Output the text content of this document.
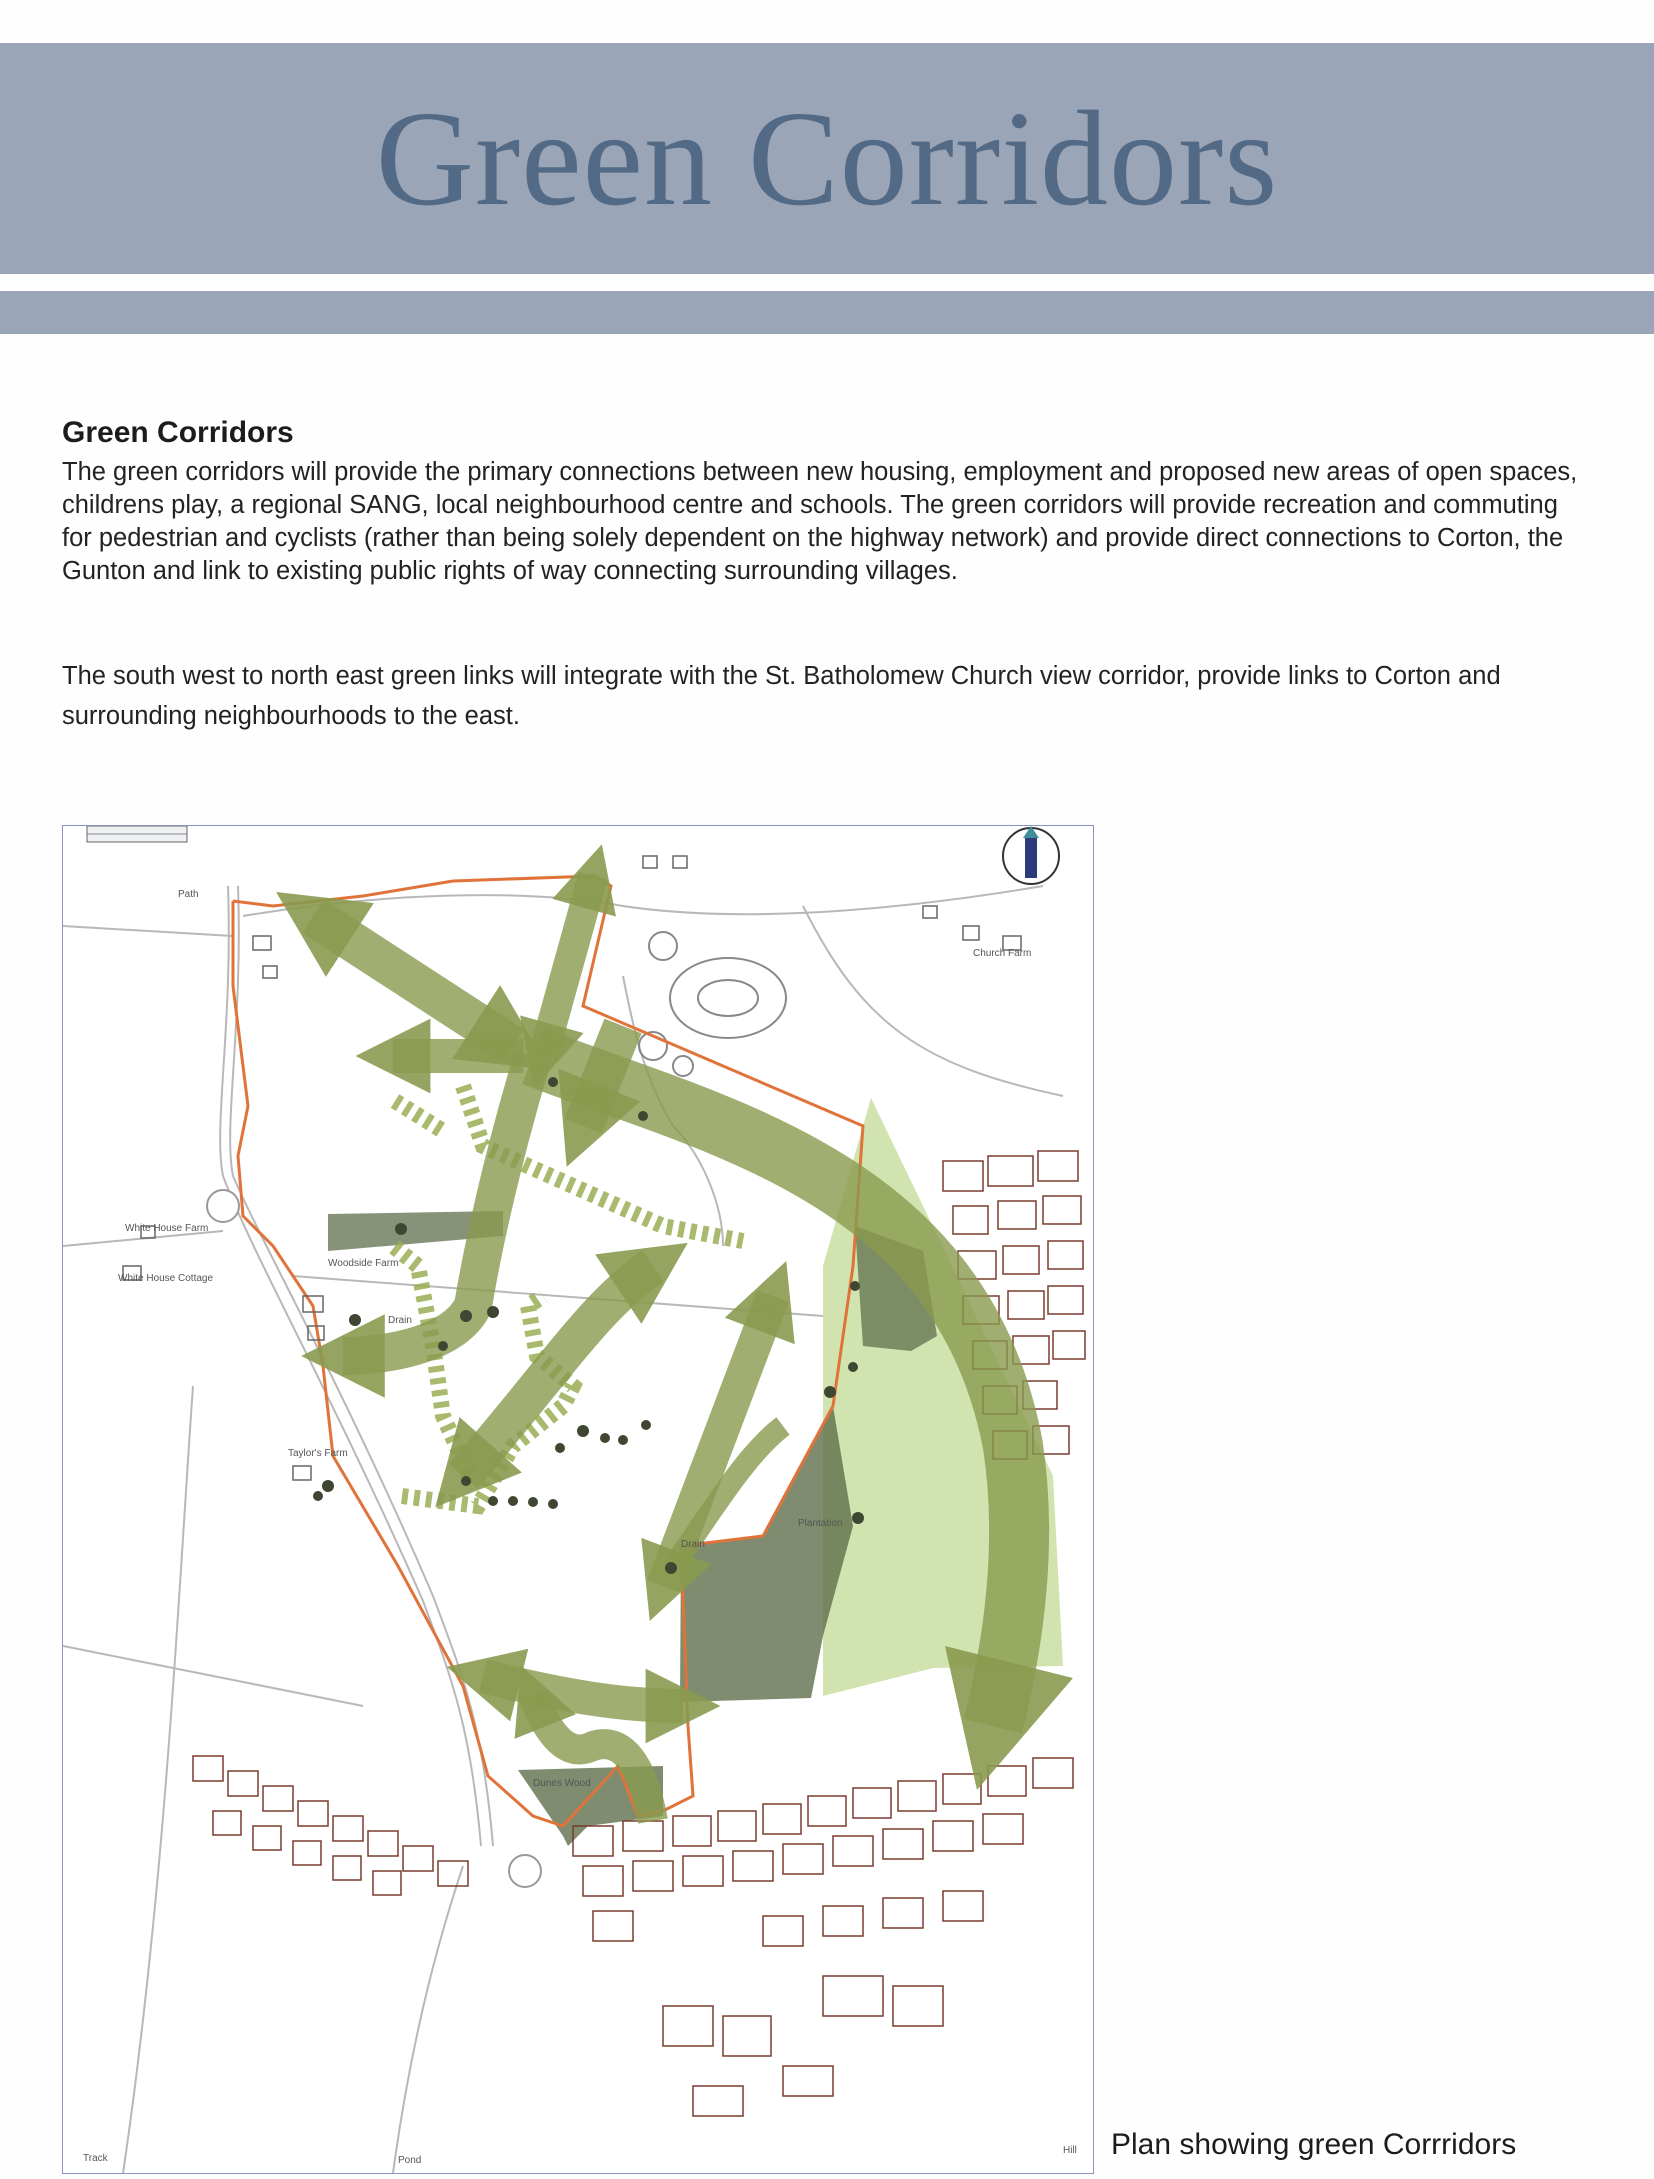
Green Corridors
Green Corridors

The green corridors will provide the primary connections between new housing, employment and proposed new areas of open spaces, childrens play, a regional SANG, local neighbourhood centre and schools. The green corridors will provide recreation and commuting for pedestrian and cyclists (rather than being solely dependent on the highway network) and provide direct connections to Corton, the Gunton and link to existing public rights of way connecting surrounding villages.

The south west to north east green links will integrate with the St. Batholomew Church view corridor, provide links to Corton and surrounding neighbourhoods to the east.

Path
Church Farm
White House Farm
White House Cottage
Woodside Farm
Taylor's Farm
Plantation
Dunes Wood
Pond
Drain
Drain
Hill
Track	Plan showing green Corrridors
